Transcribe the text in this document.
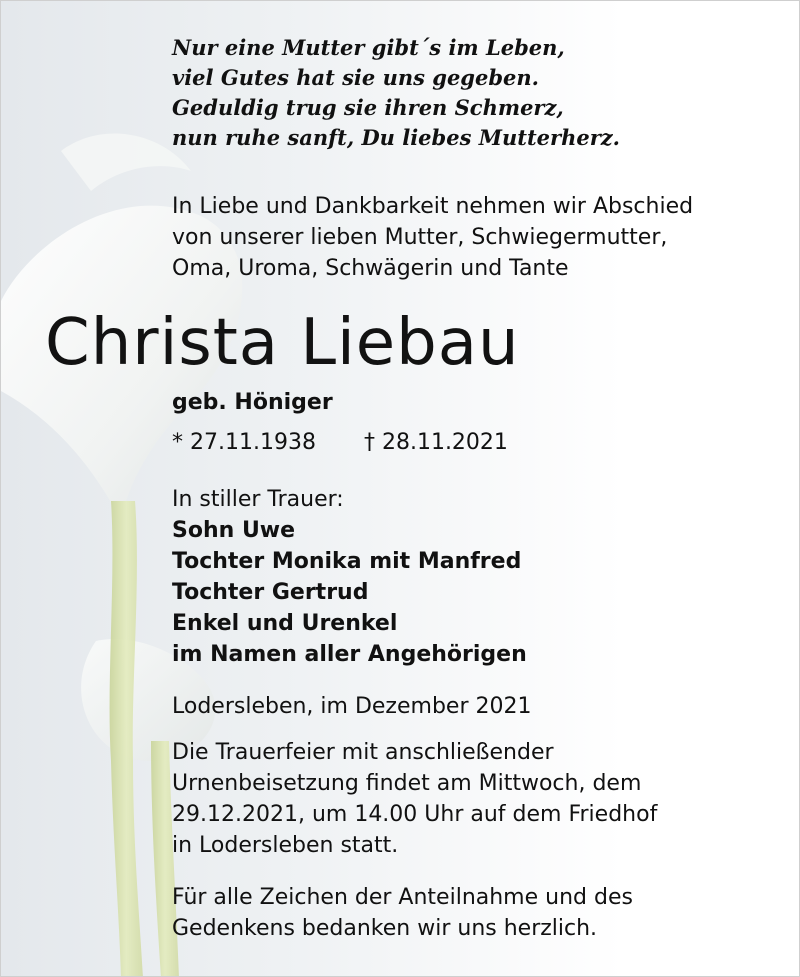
Nur eine Mutter gibt´s im Leben,
viel Gutes hat sie uns gegeben.
Geduldig trug sie ihren Schmerz,
nun ruhe sanft, Du liebes Mutterherz.
In Liebe und Dankbarkeit nehmen wir Abschied
von unserer lieben Mutter, Schwiegermutter,
Oma, Uroma, Schwägerin und Tante
Christa Liebau
geb. Höniger
* 27.11.1938 † 28.11.2021
In stiller Trauer:
Sohn Uwe
Tochter Monika mit Manfred
Tochter Gertrud
Enkel und Urenkel
im Namen aller Angehörigen
Lodersleben, im Dezember 2021
Die Trauerfeier mit anschließender
Urnenbeisetzung findet am Mittwoch, dem
29.12.2021, um 14.00 Uhr auf dem Friedhof
in Lodersleben statt.
Für alle Zeichen der Anteilnahme und des
Gedenkens bedanken wir uns herzlich.
